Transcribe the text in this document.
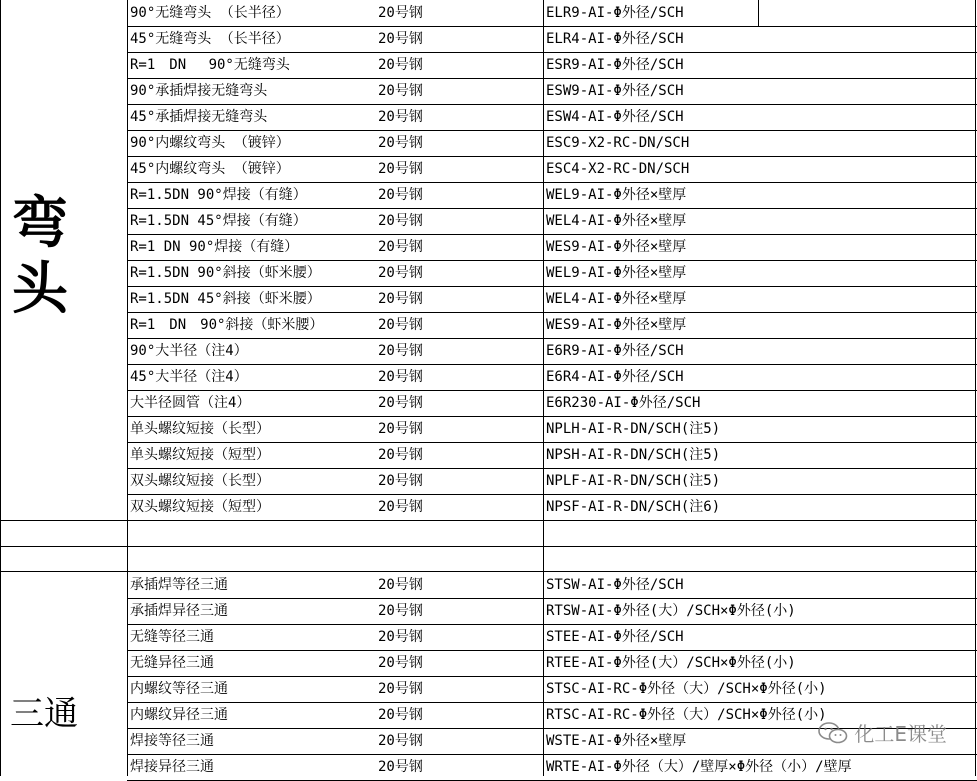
90°无缝弯头 （长半径）	20号钢	ELR9-AI-Φ外径/SCH
45°无缝弯头 （长半径）	20号钢	ELR4-AI-Φ外径/SCH
R=1　DN　 90°无缝弯头	20号钢	ESR9-AI-Φ外径/SCH
90°承插焊接无缝弯头	20号钢	ESW9-AI-Φ外径/SCH
45°承插焊接无缝弯头	20号钢	ESW4-AI-Φ外径/SCH
90°内螺纹弯头 （镀锌）	20号钢	ESC9-X2-RC-DN/SCH
45°内螺纹弯头 （镀锌）	20号钢	ESC4-X2-RC-DN/SCH
R=1.5DN 90°焊接（有缝）	20号钢	WEL9-AI-Φ外径×壁厚
R=1.5DN 45°焊接（有缝）	20号钢	WEL4-AI-Φ外径×壁厚
R=1 DN 90°焊接（有缝）	20号钢	WES9-AI-Φ外径×壁厚
R=1.5DN 90°斜接（虾米腰）	20号钢	WEL9-AI-Φ外径×壁厚
R=1.5DN 45°斜接（虾米腰）	20号钢	WEL4-AI-Φ外径×壁厚
R=1　DN　90°斜接（虾米腰）	20号钢	WES9-AI-Φ外径×壁厚
90°大半径（注4）	20号钢	E6R9-AI-Φ外径/SCH
45°大半径（注4）	20号钢	E6R4-AI-Φ外径/SCH
大半径圆管（注4）	20号钢	E6R230-AI-Φ外径/SCH
单头螺纹短接（长型）	20号钢	NPLH-AI-R-DN/SCH(注5)
单头螺纹短接（短型）	20号钢	NPSH-AI-R-DN/SCH(注5)
双头螺纹短接（长型）	20号钢	NPLF-AI-R-DN/SCH(注5)
双头螺纹短接（短型）	20号钢	NPSF-AI-R-DN/SCH(注6)
承插焊等径三通	20号钢	STSW-AI-Φ外径/SCH
承插焊异径三通	20号钢	RTSW-AI-Φ外径(大）/SCH×Φ外径(小)
无缝等径三通	20号钢	STEE-AI-Φ外径/SCH
无缝异径三通	20号钢	RTEE-AI-Φ外径(大）/SCH×Φ外径(小)
内螺纹等径三通	20号钢	STSC-AI-RC-Φ外径（大）/SCH×Φ外径(小)
内螺纹异径三通	20号钢	RTSC-AI-RC-Φ外径（大）/SCH×Φ外径(小)
焊接等径三通	20号钢	WSTE-AI-Φ外径×壁厚
焊接异径三通	20号钢	WRTE-AI-Φ外径（大）/壁厚×Φ外径（小）/壁厚
弯
头
三通	化工E课堂
